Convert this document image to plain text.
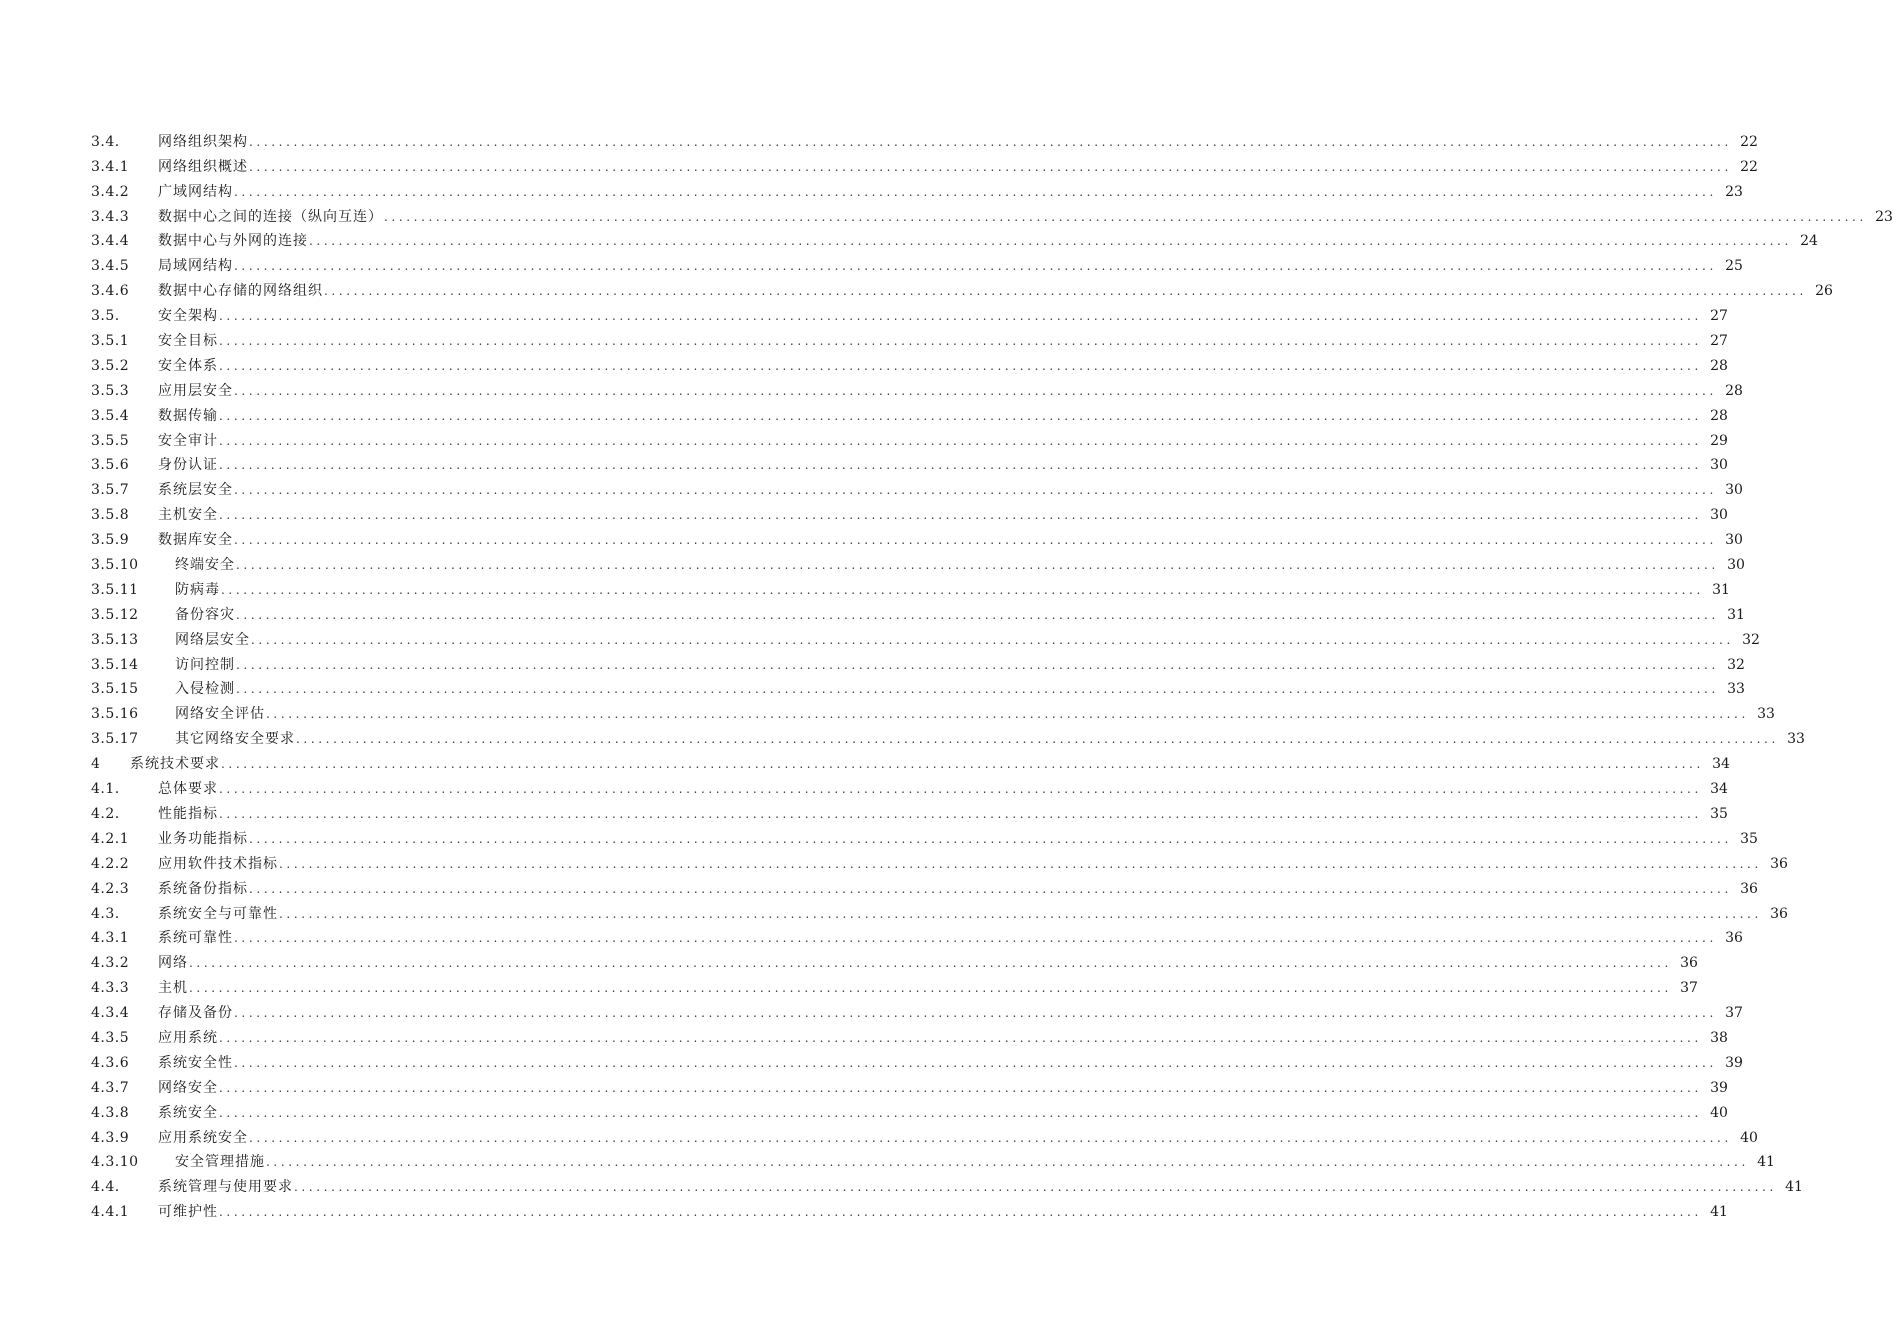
3.4.	网络组织架构 ........................................................................................................................................................................................................ 22
3.4.1	网络组织概述 ........................................................................................................................................................................................................ 22
3.4.2	广域网结构 ........................................................................................................................................................................................................ 23
3.4.3	数据中心之间的连接（纵向互连） ........................................................................................................................................................................................................ 23
3.4.4	数据中心与外网的连接 ........................................................................................................................................................................................................ 24
3.4.5	局域网结构 ........................................................................................................................................................................................................ 25
3.4.6	数据中心存储的网络组织 ........................................................................................................................................................................................................ 26
3.5.	安全架构 ........................................................................................................................................................................................................ 27
3.5.1	安全目标 ........................................................................................................................................................................................................ 27
3.5.2	安全体系 ........................................................................................................................................................................................................ 28
3.5.3	应用层安全 ........................................................................................................................................................................................................ 28
3.5.4	数据传输 ........................................................................................................................................................................................................ 28
3.5.5	安全审计 ........................................................................................................................................................................................................ 29
3.5.6	身份认证 ........................................................................................................................................................................................................ 30
3.5.7	系统层安全 ........................................................................................................................................................................................................ 30
3.5.8	主机安全 ........................................................................................................................................................................................................ 30
3.5.9	数据库安全 ........................................................................................................................................................................................................ 30
3.5.10	终端安全 ........................................................................................................................................................................................................ 30
3.5.11	防病毒 ........................................................................................................................................................................................................ 31
3.5.12	备份容灾 ........................................................................................................................................................................................................ 31
3.5.13	网络层安全 ........................................................................................................................................................................................................ 32
3.5.14	访问控制 ........................................................................................................................................................................................................ 32
3.5.15	入侵检测 ........................................................................................................................................................................................................ 33
3.5.16	网络安全评估 ........................................................................................................................................................................................................ 33
3.5.17	其它网络安全要求 ........................................................................................................................................................................................................ 33
4	系统技术要求 ........................................................................................................................................................................................................ 34
4.1.	总体要求 ........................................................................................................................................................................................................ 34
4.2.	性能指标 ........................................................................................................................................................................................................ 35
4.2.1	业务功能指标 ........................................................................................................................................................................................................ 35
4.2.2	应用软件技术指标 ........................................................................................................................................................................................................ 36
4.2.3	系统备份指标 ........................................................................................................................................................................................................ 36
4.3.	系统安全与可靠性 ........................................................................................................................................................................................................ 36
4.3.1	系统可靠性 ........................................................................................................................................................................................................ 36
4.3.2	网络 ........................................................................................................................................................................................................ 36
4.3.3	主机 ........................................................................................................................................................................................................ 37
4.3.4	存储及备份 ........................................................................................................................................................................................................ 37
4.3.5	应用系统 ........................................................................................................................................................................................................ 38
4.3.6	系统安全性 ........................................................................................................................................................................................................ 39
4.3.7	网络安全 ........................................................................................................................................................................................................ 39
4.3.8	系统安全 ........................................................................................................................................................................................................ 40
4.3.9	应用系统安全 ........................................................................................................................................................................................................ 40
4.3.10	安全管理措施 ........................................................................................................................................................................................................ 41
4.4.	系统管理与使用要求 ........................................................................................................................................................................................................ 41
4.4.1	可维护性 ........................................................................................................................................................................................................ 41
